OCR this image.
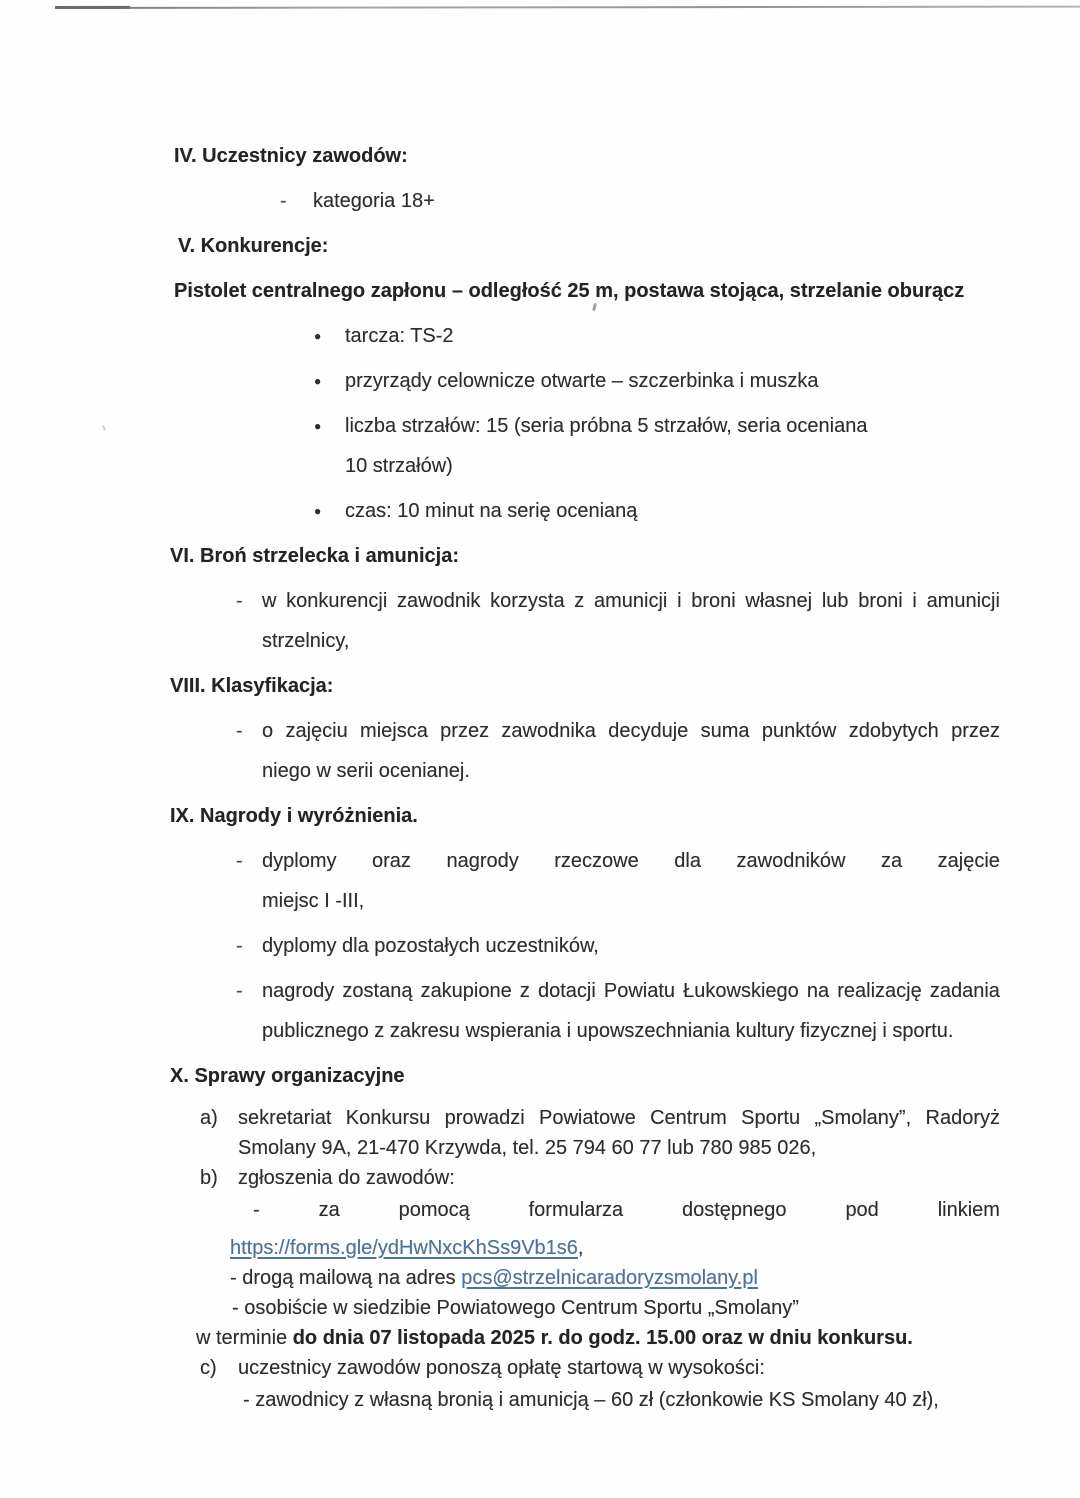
IV. Uczestnicy zawodów:
-	kategoria 18+
V. Konkurencje:
Pistolet centralnego zapłonu – odległość 25 m, postawa stojąca, strzelanie oburącz
●	tarcza: TS-2
●	przyrządy celownicze otwarte – szczerbinka i muszka
●	liczba strzałów: 15 (seria próbna 5 strzałów, seria oceniana
10 strzałów)
●	czas: 10 minut na serię ocenianą
VI. Broń strzelecka i amunicja:
- w konkurencji zawodnik korzysta z amunicji i broni własnej lub broni i amunicji
strzelnicy,
VIII. Klasyfikacja:
- o zajęciu miejsca przez zawodnika decyduje suma punktów zdobytych przez
niego w serii ocenianej.
IX. Nagrody i wyróżnienia.
- dyplomy oraz nagrody rzeczowe dla zawodników za zajęcie
miejsc I -III,
- dyplomy dla pozostałych uczestników,
- nagrody zostaną zakupione z dotacji Powiatu Łukowskiego na realizację zadania
publicznego z zakresu wspierania i upowszechniania kultury fizycznej i sportu.
X. Sprawy organizacyjne
a)	sekretariat Konkursu prowadzi Powiatowe Centrum Sportu „Smolany”, Radoryż
Smolany 9A, 21-470 Krzywda, tel. 25 794 60 77 lub 780 985 026,
b)	zgłoszenia do zawodów:
-	za	pomocą	formularza	dostępnego	pod	linkiem
https://forms.gle/ydHwNxcKhSs9Vb1s6,
- drogą mailową na adres pcs@strzelnicaradoryzsmolany.pl
- osobiście w siedzibie Powiatowego Centrum Sportu „Smolany”
w terminie do dnia 07 listopada 2025 r. do godz. 15.00 oraz w dniu konkursu.
c)	uczestnicy zawodów ponoszą opłatę startową w wysokości:
- zawodnicy z własną bronią i amunicją – 60 zł (członkowie KS Smolany 40 zł),
